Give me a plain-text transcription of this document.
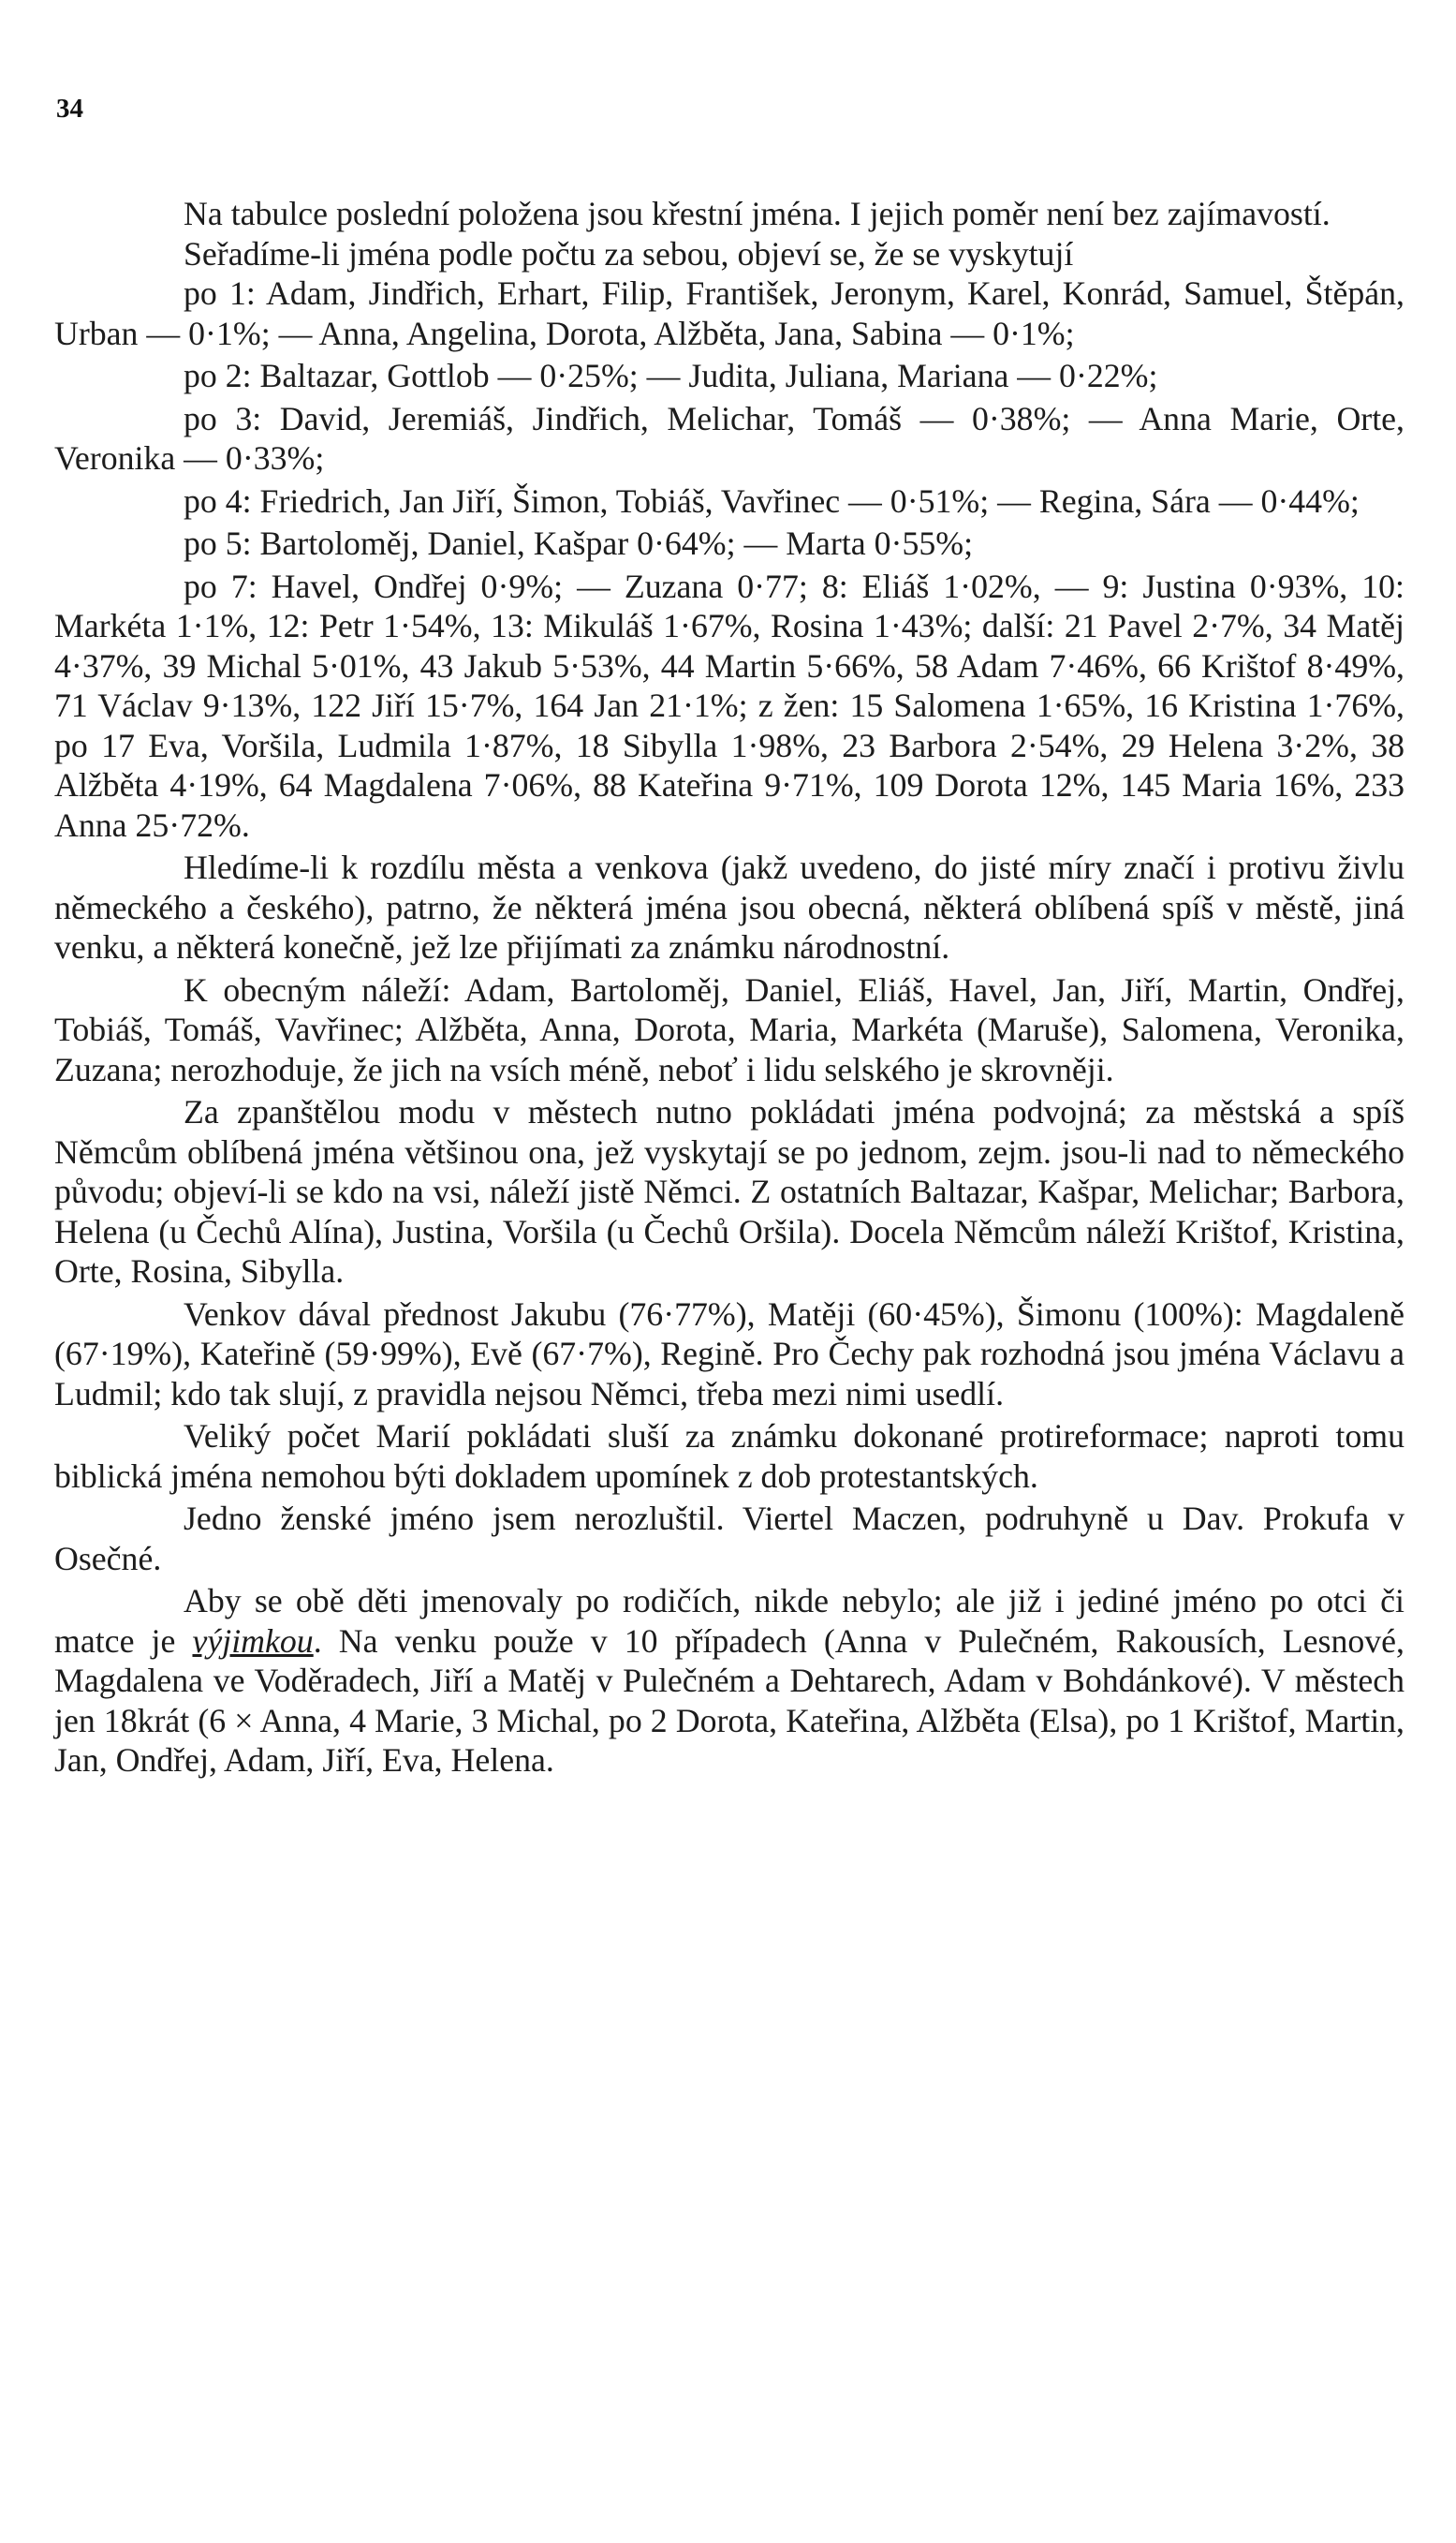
34

Na tabulce poslední položena jsou křestní jména. I jejich poměr není bez zajímavostí.

Seřadíme-li jména podle počtu za sebou, objeví se, že se vyskytují

po 1: Adam, Jindřich, Erhart, Filip, František, Jeronym, Karel, Konrád, Samuel, Štěpán, Urban — 0·1%; — Anna, Angelina, Dorota, Alžběta, Jana, Sabina — 0·1%;

po 2: Baltazar, Gottlob — 0·25%; — Judita, Juliana, Mariana — 0·22%;

po 3: David, Jeremiáš, Jindřich, Melichar, Tomáš — 0·38%; — Anna Marie, Orte, Veronika — 0·33%;

po 4: Friedrich, Jan Jiří, Šimon, Tobiáš, Vavřinec — 0·51%; — Regina, Sára — 0·44%;

po 5: Bartoloměj, Daniel, Kašpar 0·64%; — Marta 0·55%;

po 7: Havel, Ondřej 0·9%; — Zuzana 0·77; 8: Eliáš 1·02%, — 9: Justina 0·93%, 10: Markéta 1·1%, 12: Petr 1·54%, 13: Mikuláš 1·67%, Rosina 1·43%; další: 21 Pavel 2·7%, 34 Matěj 4·37%, 39 Michal 5·01%, 43 Jakub 5·53%, 44 Martin 5·66%, 58 Adam 7·46%, 66 Krištof 8·49%, 71 Václav 9·13%, 122 Jiří 15·7%, 164 Jan 21·1%; z žen: 15 Salomena 1·65%, 16 Kristina 1·76%, po 17 Eva, Voršila, Ludmila 1·87%, 18 Sibylla 1·98%, 23 Barbora 2·54%, 29 Helena 3·2%, 38 Alžběta 4·19%, 64 Magdalena 7·06%, 88 Kateřina 9·71%, 109 Dorota 12%, 145 Maria 16%, 233 Anna 25·72%.

Hledíme-li k rozdílu města a venkova (jakž uvedeno, do jisté míry značí i protivu živlu německého a českého), patrno, že některá jména jsou obecná, některá oblíbená spíš v městě, jiná venku, a některá konečně, jež lze přijímati za známku národnostní.

K obecným náleží: Adam, Bartoloměj, Daniel, Eliáš, Havel, Jan, Jiří, Martin, Ondřej, Tobiáš, Tomáš, Vavřinec; Alžběta, Anna, Dorota, Maria, Markéta (Maruše), Salomena, Veronika, Zuzana; nerozhoduje, že jich na vsích méně, neboť i lidu selského je skrovněji.

Za zpanštělou modu v městech nutno pokládati jména podvojná; za městská a spíš Němcům oblíbená jména většinou ona, jež vyskytají se po jednom, zejm. jsou-li nad to německého původu; objeví-li se kdo na vsi, náleží jistě Němci. Z ostatních Baltazar, Kašpar, Melichar; Barbora, Helena (u Čechů Alína), Justina, Voršila (u Čechů Oršila). Docela Němcům náleží Krištof, Kristina, Orte, Rosina, Sibylla.

Venkov dával přednost Jakubu (76·77%), Matěji (60·45%), Šimonu (100%): Magdaleně (67·19%), Kateřině (59·99%), Evě (67·7%), Regině. Pro Čechy pak rozhodná jsou jména Václavu a Ludmil; kdo tak slují, z pravidla nejsou Němci, třeba mezi nimi usedlí.

Veliký počet Marií pokládati sluší za známku dokonané protireformace; naproti tomu biblická jména nemohou býti dokladem upomínek z dob protestantských.

Jedno ženské jméno jsem nerozluštil. Viertel Maczen, podruhyně u Dav. Prokufa v Osečné.

Aby se obě děti jmenovaly po rodičích, nikde nebylo; ale již i jediné jméno po otci či matce je výjimkou. Na venku použe v 10 případech (Anna v Pulečném, Rakousích, Lesnové, Magdalena ve Voděradech, Jiří a Matěj v Pulečném a Dehtarech, Adam v Bohdánkové). V městech jen 18krát (6 × Anna, 4 Marie, 3 Michal, po 2 Dorota, Kateřina, Alžběta (Elsa), po 1 Krištof, Martin, Jan, Ondřej, Adam, Jiří, Eva, Helena.
